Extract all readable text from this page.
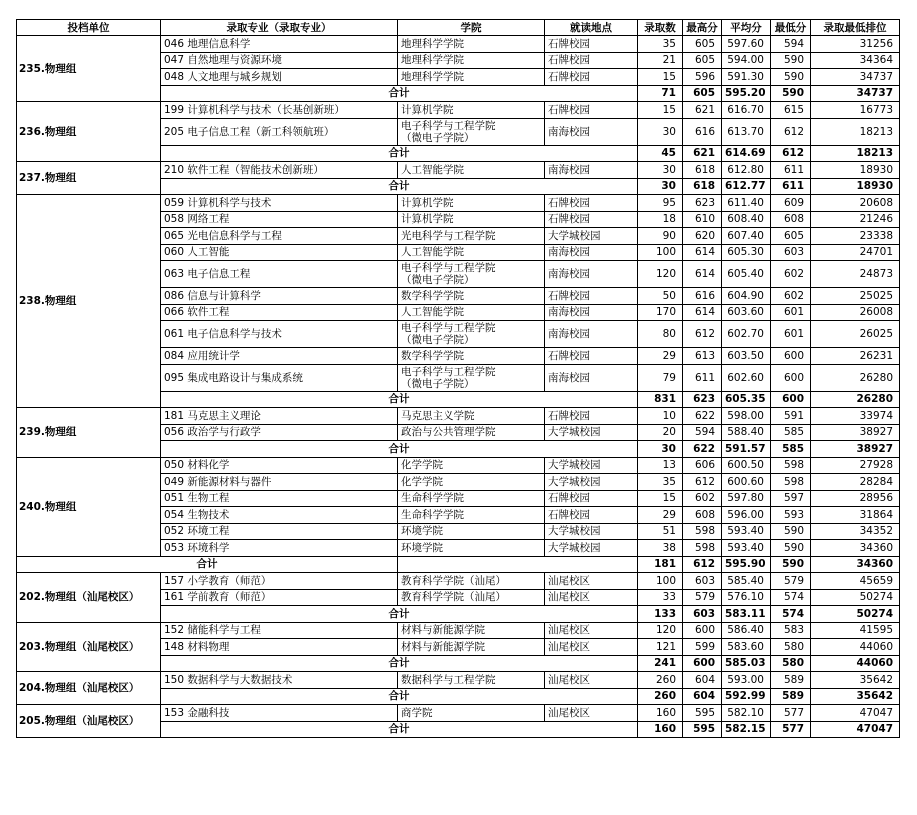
投档单位	录取专业（录取专业）	学院	就读地点	录取数	最高分	平均分	最低分	录取最低排位
235.物理组	046 地理信息科学	地理科学学院	石牌校园	35	605	597.60	594	31256
	047 自然地理与资源环境	地理科学学院	石牌校园	21	605	594.00	590	34364
	048 人文地理与城乡规划	地理科学学院	石牌校园	15	596	591.30	590	34737
	合计			71	605	595.20	590	34737
236.物理组	199 计算机科学与技术（长基创新班）	计算机学院	石牌校园	15	621	616.70	615	16773
	205 电子信息工程（新工科领航班）	电子科学与工程学院
（微电子学院）	南海校园	30	616	613.70	612	18213
	合计			45	621	614.69	612	18213
237.物理组	210 软件工程（智能技术创新班）	人工智能学院	南海校园	30	618	612.80	611	18930
	合计			30	618	612.77	611	18930
238.物理组	059 计算机科学与技术	计算机学院	石牌校园	95	623	611.40	609	20608
	058 网络工程	计算机学院	石牌校园	18	610	608.40	608	21246
	065 光电信息科学与工程	光电科学与工程学院	大学城校园	90	620	607.40	605	23338
	060 人工智能	人工智能学院	南海校园	100	614	605.30	603	24701
	063 电子信息工程	电子科学与工程学院
（微电子学院）	南海校园	120	614	605.40	602	24873
	086 信息与计算科学	数学科学学院	石牌校园	50	616	604.90	602	25025
	066 软件工程	人工智能学院	南海校园	170	614	603.60	601	26008
	061 电子信息科学与技术	电子科学与工程学院
（微电子学院）	南海校园	80	612	602.70	601	26025
	084 应用统计学	数学科学学院	石牌校园	29	613	603.50	600	26231
	095 集成电路设计与集成系统	电子科学与工程学院
（微电子学院）	南海校园	79	611	602.60	600	26280
	合计			831	623	605.35	600	26280
239.物理组	181 马克思主义理论	马克思主义学院	石牌校园	10	622	598.00	591	33974
	056 政治学与行政学	政治与公共管理学院	大学城校园	20	594	588.40	585	38927
	合计			30	622	591.57	585	38927
240.物理组	050 材料化学	化学学院	大学城校园	13	606	600.50	598	27928
	049 新能源材料与器件	化学学院	大学城校园	35	612	600.60	598	28284
	051 生物工程	生命科学学院	石牌校园	15	602	597.80	597	28956
	054 生物技术	生命科学学院	石牌校园	29	608	596.00	593	31864
	052 环境工程	环境学院	大学城校园	51	598	593.40	590	34352
	053 环境科学	环境学院	大学城校园	38	598	593.40	590	34360
合计				181	612	595.90	590	34360
202.物理组（汕尾校区）	157 小学教育（师范）	教育科学学院（汕尾）	汕尾校区	100	603	585.40	579	45659
	161 学前教育（师范）	教育科学学院（汕尾）	汕尾校区	33	579	576.10	574	50274
	合计			133	603	583.11	574	50274
203.物理组（汕尾校区）	152 储能科学与工程	材料与新能源学院	汕尾校区	120	600	586.40	583	41595
	148 材料物理	材料与新能源学院	汕尾校区	121	599	583.60	580	44060
	合计			241	600	585.03	580	44060
204.物理组（汕尾校区）	150 数据科学与大数据技术	数据科学与工程学院	汕尾校区	260	604	593.00	589	35642
	合计			260	604	592.99	589	35642
205.物理组（汕尾校区）	153 金融科技	商学院	汕尾校区	160	595	582.10	577	47047
	合计			160	595	582.15	577	47047
